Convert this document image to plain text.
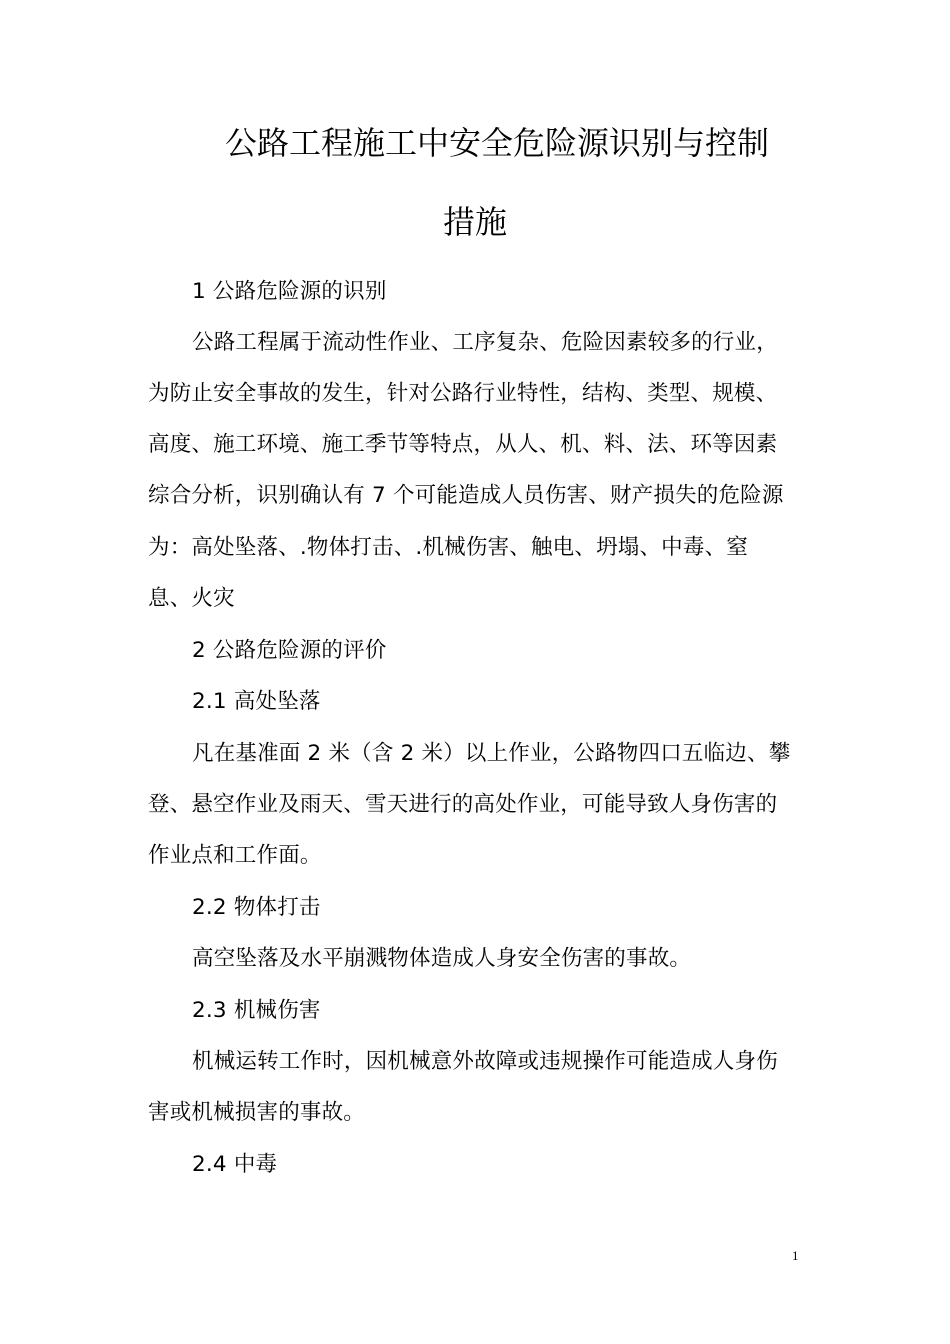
公路工程施工中安全危险源识别与控制
措施
1 公路危险源的识别
公路工程属于流动性作业、工序复杂、危险因素较多的行业，
为防止安全事故的发生，针对公路行业特性，结构、类型、规模、
高度、施工环境、施工季节等特点，从人、机、料、法、环等因素
综合分析，识别确认有 7 个可能造成人员伤害、财产损失的危险源
为：高处坠落、.物体打击、.机械伤害、触电、坍塌、中毒、窒
息、火灾
2 公路危险源的评价
2.1 高处坠落
凡在基准面 2 米（含 2 米）以上作业，公路物四口五临边、攀
登、悬空作业及雨天、雪天进行的高处作业，可能导致人身伤害的
作业点和工作面。
2.2 物体打击
高空坠落及水平崩溅物体造成人身安全伤害的事故。
2.3 机械伤害
机械运转工作时，因机械意外故障或违规操作可能造成人身伤
害或机械损害的事故。
2.4 中毒
1
